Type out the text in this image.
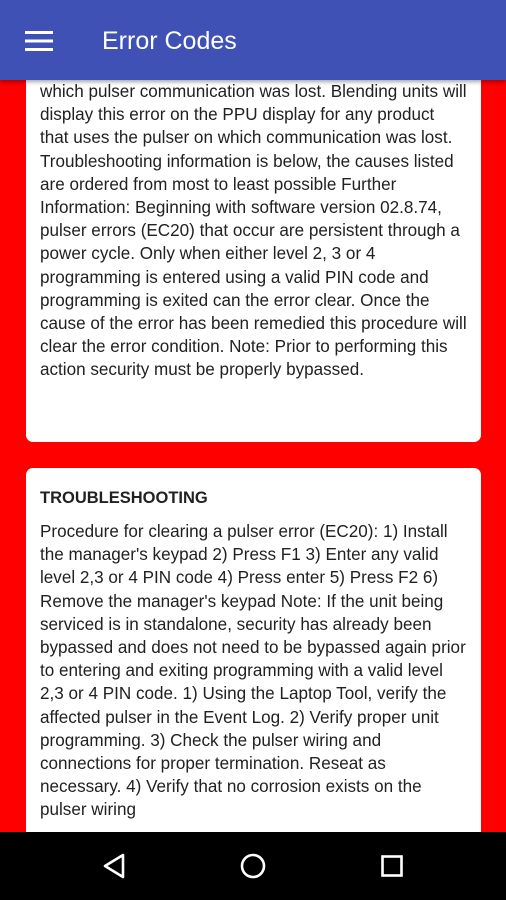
Error Codes
which pulser communication was lost. Blending units will display this error on the PPU display for any product that uses the pulser on which communication was lost. Troubleshooting information is below, the causes listed are ordered from most to least possible Further Information: Beginning with software version 02.8.74, pulser errors (EC20) that occur are persistent through a power cycle. Only when either level 2, 3 or 4 programming is entered using a valid PIN code and programming is exited can the error clear. Once the cause of the error has been remedied this procedure will clear the error condition. Note: Prior to performing this action security must be properly bypassed.
TROUBLESHOOTING
Procedure for clearing a pulser error (EC20): 1) Install the manager's keypad 2) Press F1 3) Enter any valid level 2,3 or 4 PIN code 4) Press enter 5) Press F2 6) Remove the manager's keypad Note: If the unit being serviced is in standalone, security has already been bypassed and does not need to be bypassed again prior to entering and exiting programming with a valid level 2,3 or 4 PIN code. 1) Using the Laptop Tool, verify the affected pulser in the Event Log. 2) Verify proper unit programming. 3) Check the pulser wiring and connections for proper termination. Reseat as necessary. 4) Verify that no corrosion exists on the pulser wiring
